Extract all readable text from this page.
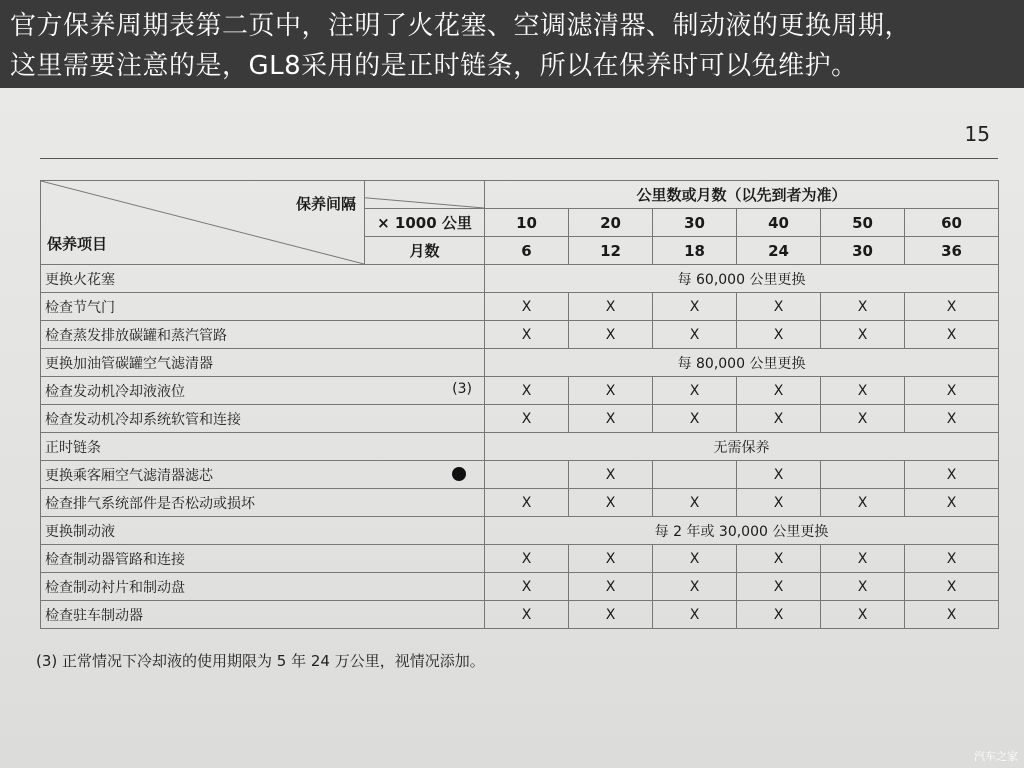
官方保养周期表第二页中，注明了火花塞、空调滤清器、制动液的更换周期，
这里需要注意的是，GL8采用的是正时链条，所以在保养时可以免维护。
15
保养间隔
保养项目		公里数或月数（以先到者为准）					
	× 1000 公里	10	20	30	40	50	60
	月数	6	12	18	24	30	36
更换火花塞		每 60,000 公里更换					
检查节气门		X	X	X	X	X	X
检查蒸发排放碳罐和蒸汽管路		X	X	X	X	X	X
更换加油管碳罐空气滤清器		每 80,000 公里更换					
检查发动机冷却液液位 (3)		X	X	X	X	X	X
检查发动机冷却系统软管和连接		X	X	X	X	X	X
正时链条		无需保养					
更换乘客厢空气滤清器滤芯			X		X		X
检查排气系统部件是否松动或损坏		X	X	X	X	X	X
更换制动液		每 2 年或 30,000 公里更换					
检查制动器管路和连接		X	X	X	X	X	X
检查制动衬片和制动盘		X	X	X	X	X	X
检查驻车制动器		X	X	X	X	X	X
(3) 正常情况下冷却液的使用期限为 5 年 24 万公里，视情况添加。
汽车之家
